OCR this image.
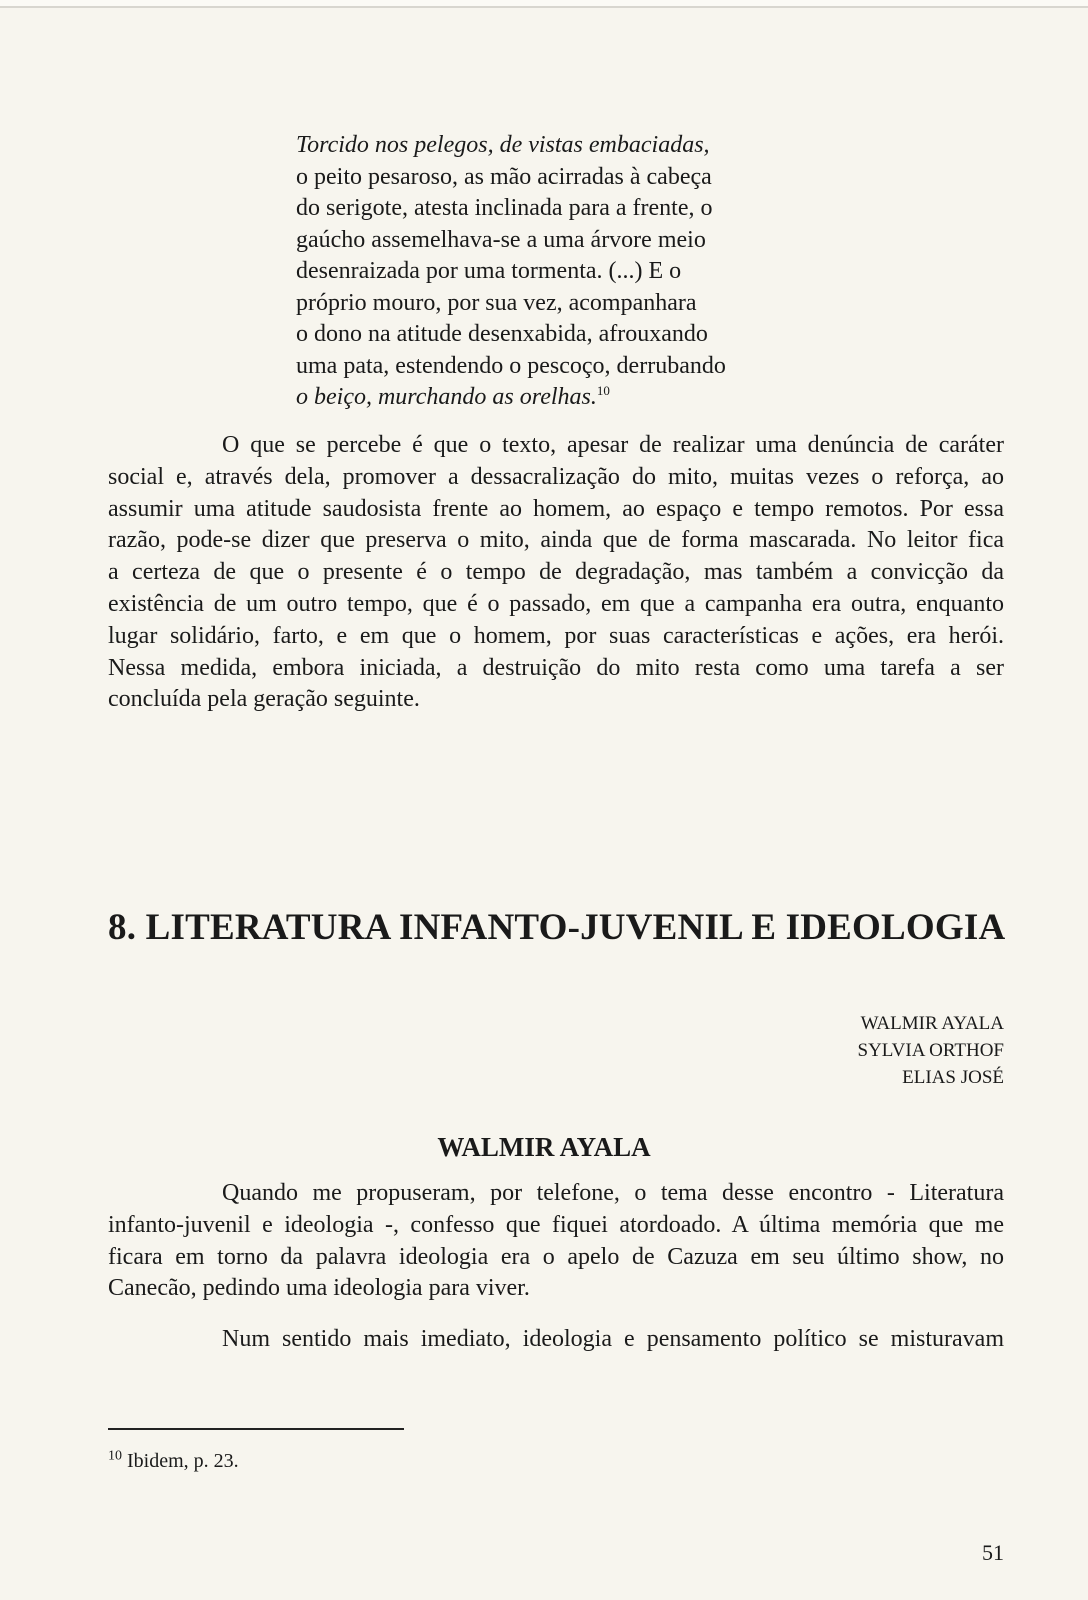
Torcido nos pelegos, de vistas embaciadas,
o peito pesaroso, as mão acirradas à cabeça
do serigote, atesta inclinada para a frente, o
gaúcho assemelhava-se a uma árvore meio
desenraizada por uma tormenta. (...) E o
próprio mouro, por sua vez, acompanhara
o dono na atitude desenxabida, afrouxando
uma pata, estendendo o pescoço, derrubando
o beiço, murchando as orelhas.$^{10}$
O que se percebe é que o texto, apesar de realizar uma denúncia de caráter
social e, através dela, promover a dessacralização do mito, muitas vezes o reforça, ao
assumir uma atitude saudosista frente ao homem, ao espaço e tempo remotos. Por essa
razão, pode-se dizer que preserva o mito, ainda que de forma mascarada. No leitor fica
a certeza de que o presente é o tempo de degradação, mas também a convicção da
existência de um outro tempo, que é o passado, em que a campanha era outra, enquanto
lugar solidário, farto, e em que o homem, por suas características e ações, era herói.
Nessa medida, embora iniciada, a destruição do mito resta como uma tarefa a ser
concluída pela geração seguinte.
8. LITERATURA INFANTO-JUVENIL E IDEOLOGIA
WALMIR AYALA
SYLVIA ORTHOF
ELIAS JOSÉ
WALMIR AYALA
Quando me propuseram, por telefone, o tema desse encontro - Literatura
infanto-juvenil e ideologia -, confesso que fiquei atordoado. A última memória que me
ficara em torno da palavra ideologia era o apelo de Cazuza em seu último show, no
Canecão, pedindo uma ideologia para viver.
Num sentido mais imediato, ideologia e pensamento político se misturavam
$^{10}$ Ibidem, p. 23.
51
